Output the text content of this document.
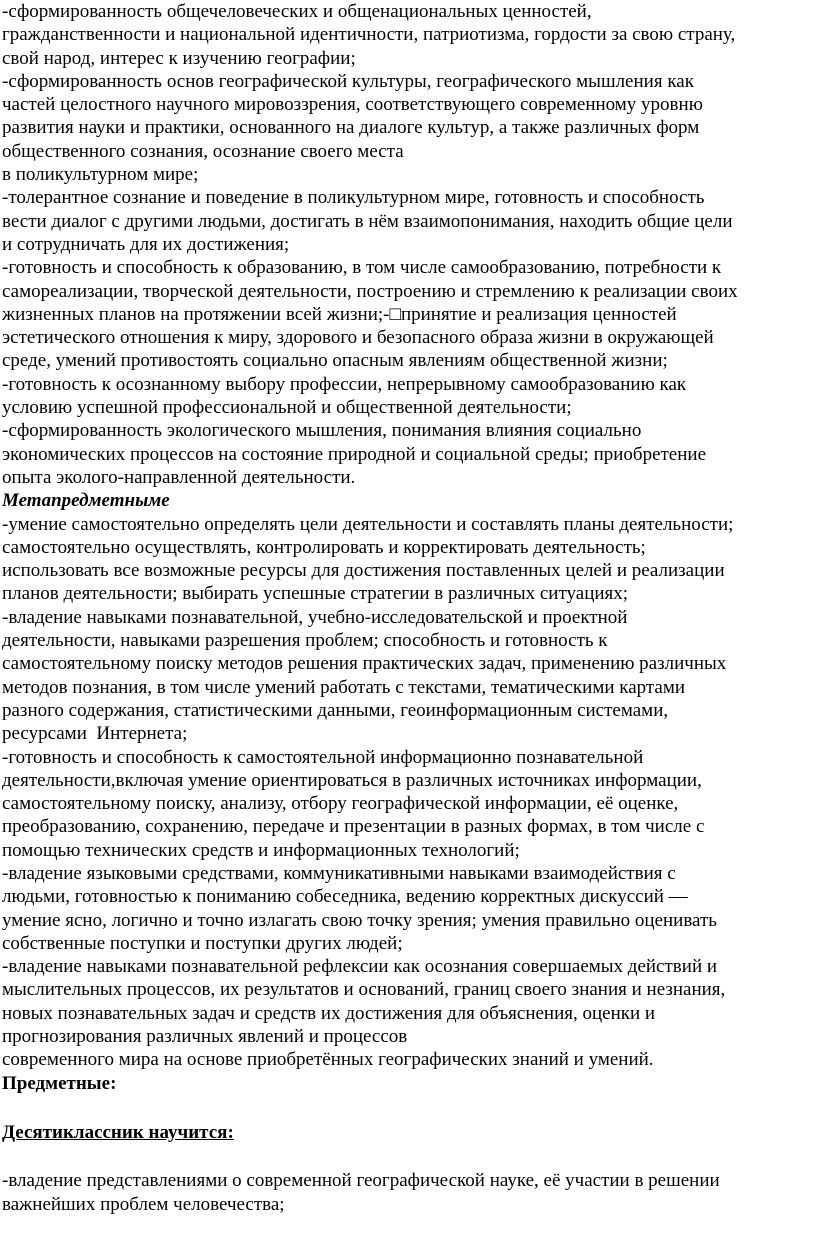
-сформированность общечеловеческих и общенациональных ценностей,
гражданственности и национальной идентичности, патриотизма, гордости за свою страну,
свой народ, интерес к изучению географии;

-сформированность основ географической культуры, географического мышления как
частей целостного научного мировоззрения, соответствующего современному уровню
развития науки и практики, основанного на диалоге культур, а также различных форм
общественного сознания, осознание своего места
в поликультурном мире;

-толерантное сознание и поведение в поликультурном мире, готовность и способность
вести диалог с другими людьми, достигать в нём взаимопонимания, находить общие цели
и сотрудничать для их достижения;

-готовность и способность к образованию, в том числе самообразованию, потребности к
самореализации, творческой деятельности, построению и стремлению к реализации своих
жизненных планов на протяжении всей жизни;-□принятие и реализация ценностей
эстетического отношения к миру, здорового и безопасного образа жизни в окружающей
среде, умений противостоять социально опасным явлениям общественной жизни;

-готовность к осознанному выбору профессии, непрерывному самообразованию как
условию успешной профессиональной и общественной деятельности;

-сформированность экологического мышления, понимания влияния социально
экономических процессов на состояние природной и социальной среды; приобретение
опыта эколого-направленной деятельности.

Метапредметныме

-умение самостоятельно определять цели деятельности и составлять планы деятельности;
самостоятельно осуществлять, контролировать и корректировать деятельность;
использовать все возможные ресурсы для достижения поставленных целей и реализации
планов деятельности; выбирать успешные стратегии в различных ситуациях;

-владение навыками познавательной, учебно-исследовательской и проектной
деятельности, навыками разрешения проблем; способность и готовность к
самостоятельному поиску методов решения практических задач, применению различных
методов познания, в том числе умений работать с текстами, тематическими картами
разного содержания, статистическими данными, геоинформационным системами,
ресурсами  Интернета;

-готовность и способность к самостоятельной информационно познавательной
деятельности,включая умение ориентироваться в различных источниках информации,
самостоятельному поиску, анализу, отбору географической информации, её оценке,
преобразованию, сохранению, передаче и презентации в разных формах, в том числе с
помощью технических средств и информационных технологий;

-владение языковыми средствами, коммуникативными навыками взаимодействия с
людьми, готовностью к пониманию собеседника, ведению корректных дискуссий —
умение ясно, логично и точно излагать свою точку зрения; умения правильно оценивать
собственные поступки и поступки других людей;

-владение навыками познавательной рефлексии как осознания совершаемых действий и
мыслительных процессов, их результатов и оснований, границ своего знания и незнания,
новых познавательных задач и средств их достижения для объяснения, оценки и
прогнозирования различных явлений и процессов
современного мира на основе приобретённых географических знаний и умений.

Предметные:

Десятиклассник научится:

-владение представлениями о современной географической науке, её участии в решении
важнейших проблем человечества;
